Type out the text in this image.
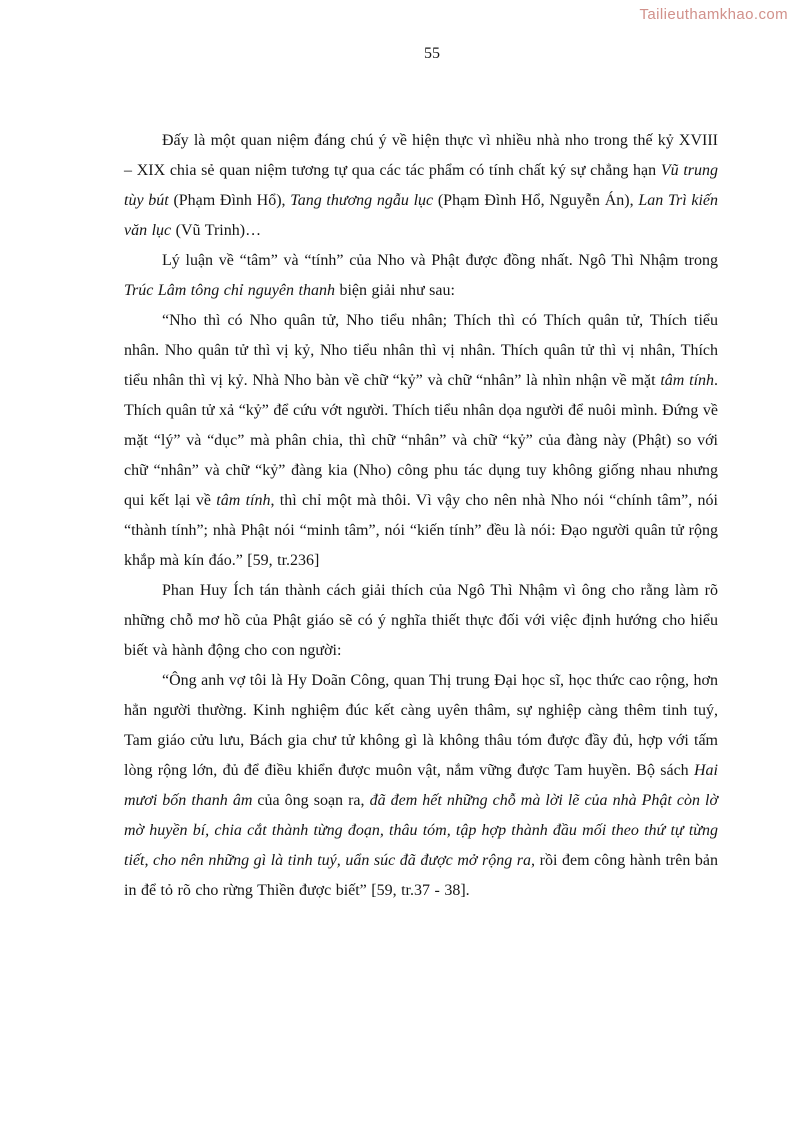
Tailieuthamkhao.com
55

Đấy là một quan niệm đáng chú ý về hiện thực vì nhiều nhà nho trong thế kỷ XVIII – XIX chia sẻ quan niệm tương tự qua các tác phẩm có tính chất ký sự chẳng hạn Vũ trung tùy bút (Phạm Đình Hổ), Tang thương ngẫu lục (Phạm Đình Hổ, Nguyễn Án), Lan Trì kiến văn lục (Vũ Trinh)…

Lý luận về “tâm” và “tính” của Nho và Phật được đồng nhất. Ngô Thì Nhậm trong Trúc Lâm tông chỉ nguyên thanh biện giải như sau:

“Nho thì có Nho quân tử, Nho tiểu nhân; Thích thì có Thích quân tử, Thích tiểu nhân. Nho quân tử thì vị kỷ, Nho tiểu nhân thì vị nhân. Thích quân tử thì vị nhân, Thích tiểu nhân thì vị kỷ. Nhà Nho bàn về chữ “kỷ” và chữ “nhân” là nhìn nhận về mặt tâm tính. Thích quân tử xả “kỷ” để cứu vớt người. Thích tiểu nhân dọa người để nuôi mình. Đứng về mặt “lý” và “dục” mà phân chia, thì chữ “nhân” và chữ “kỷ” của đàng này (Phật) so với chữ “nhân” và chữ “kỷ” đàng kia (Nho) công phu tác dụng tuy không giống nhau nhưng qui kết lại về tâm tính, thì chỉ một mà thôi. Vì vậy cho nên nhà Nho nói “chính tâm”, nói “thành tính”; nhà Phật nói “minh tâm”, nói “kiến tính” đều là nói: Đạo người quân tử rộng khắp mà kín đáo.” [59, tr.236]

Phan Huy Ích tán thành cách giải thích của Ngô Thì Nhậm vì ông cho rằng làm rõ những chỗ mơ hồ của Phật giáo sẽ có ý nghĩa thiết thực đối với việc định hướng cho hiểu biết và hành động cho con người:

“Ông anh vợ tôi là Hy Doãn Công, quan Thị trung Đại học sĩ, học thức cao rộng, hơn hẳn người thường. Kinh nghiệm đúc kết càng uyên thâm, sự nghiệp càng thêm tinh tuý, Tam giáo cửu lưu, Bách gia chư tử không gì là không thâu tóm được đầy đủ, hợp với tấm lòng rộng lớn, đủ để điều khiển được muôn vật, nắm vững được Tam huyền. Bộ sách Hai mươi bốn thanh âm của ông soạn ra, đã đem hết những chỗ mà lời lẽ của nhà Phật còn lờ mờ huyền bí, chia cắt thành từng đoạn, thâu tóm, tập hợp thành đầu mối theo thứ tự từng tiết, cho nên những gì là tinh tuý, uẩn súc đã được mở rộng ra, rồi đem công hành trên bản in để tỏ rõ cho rừng Thiền được biết” [59, tr.37 - 38].
